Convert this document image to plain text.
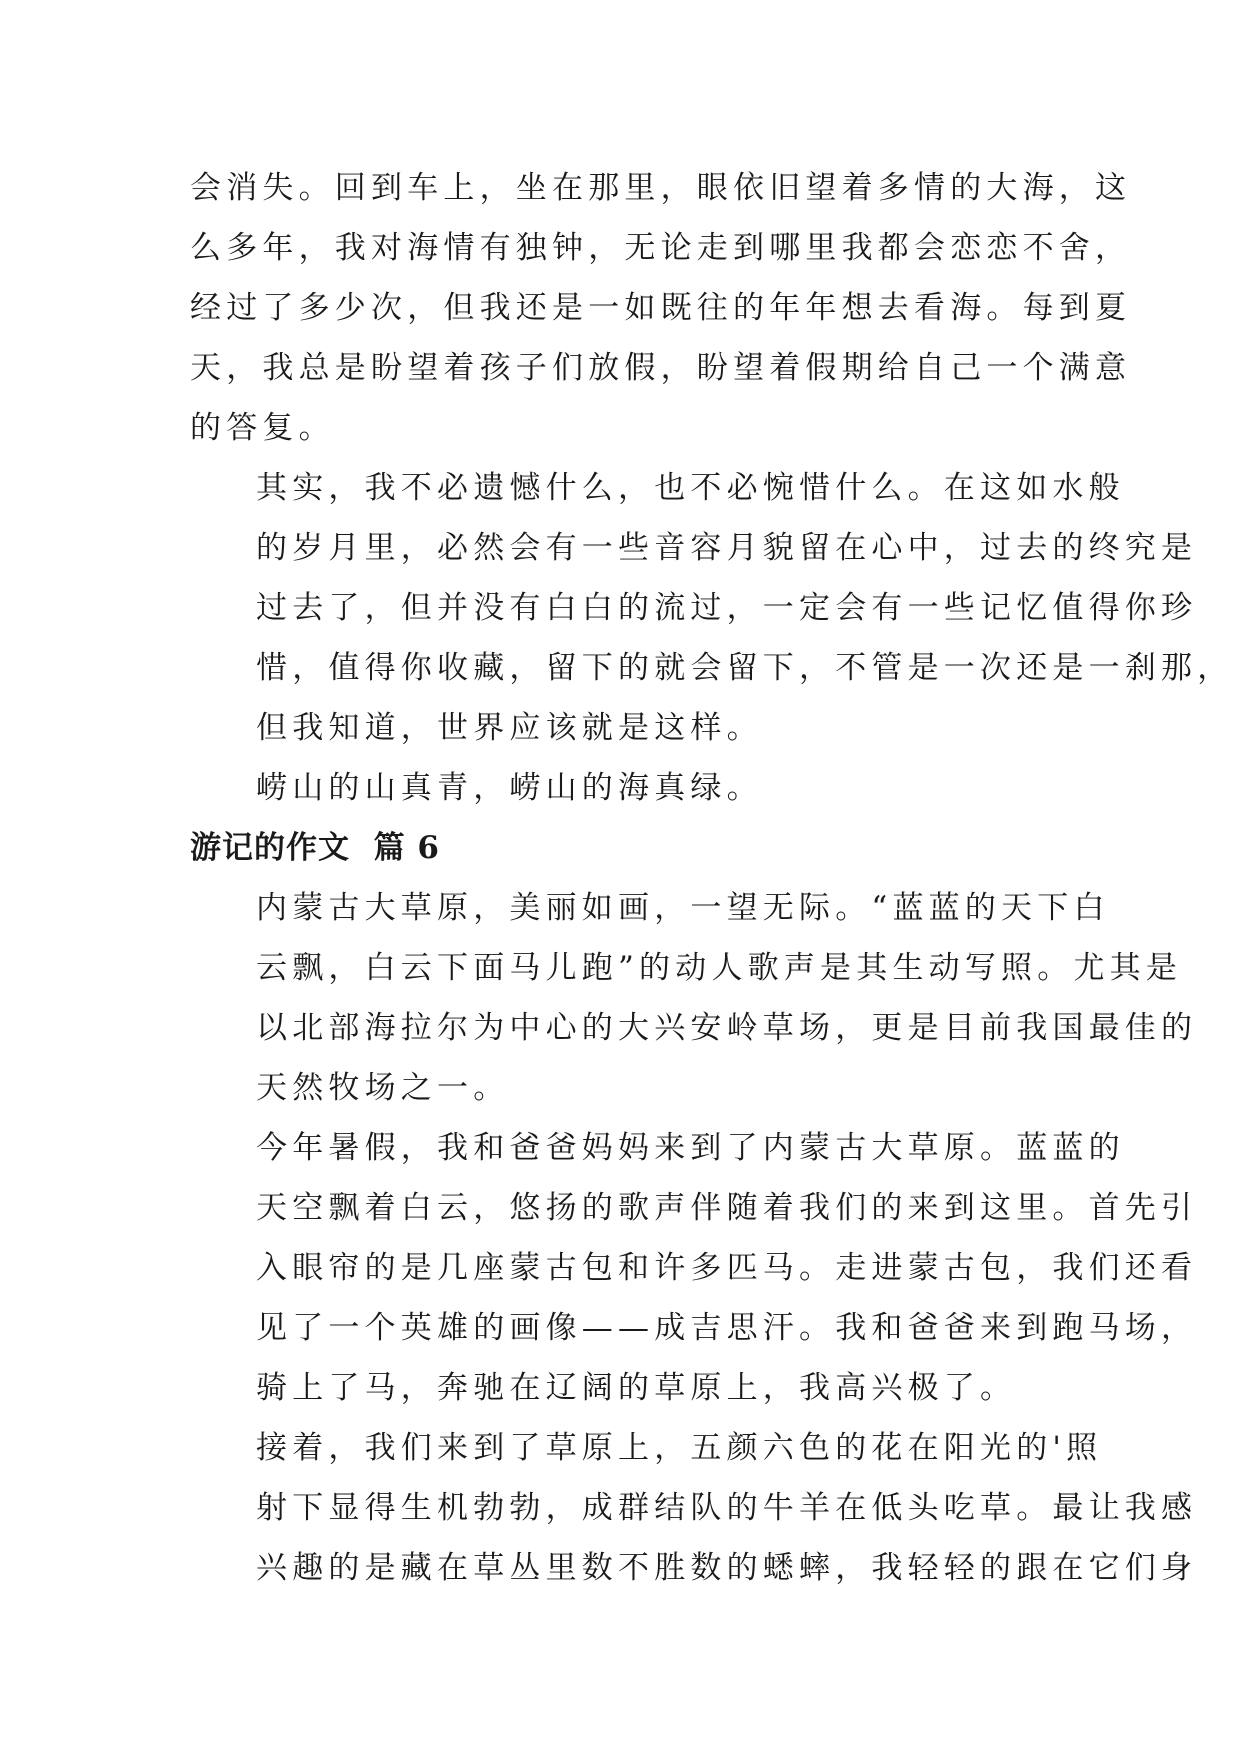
会消失。回到车上，坐在那里，眼依旧望着多情的大海，这
么多年，我对海情有独钟，无论走到哪里我都会恋恋不舍，
经过了多少次，但我还是一如既往的年年想去看海。每到夏
天，我总是盼望着孩子们放假，盼望着假期给自己一个满意
的答复。

其实，我不必遗憾什么，也不必惋惜什么。在这如水般
的岁月里，必然会有一些音容月貌留在心中，过去的终究是
过去了，但并没有白白的流过，一定会有一些记忆值得你珍
惜，值得你收藏，留下的就会留下，不管是一次还是一刹那，
但我知道，世界应该就是这样。

崂山的山真青，崂山的海真绿。

游记的作文  篇 6

内蒙古大草原，美丽如画，一望无际。“蓝蓝的天下白
云飘，白云下面马儿跑”的动人歌声是其生动写照。尤其是
以北部海拉尔为中心的大兴安岭草场，更是目前我国最佳的
天然牧场之一。

今年暑假，我和爸爸妈妈来到了内蒙古大草原。蓝蓝的
天空飘着白云，悠扬的歌声伴随着我们的来到这里。首先引
入眼帘的是几座蒙古包和许多匹马。走进蒙古包，我们还看
见了一个英雄的画像——成吉思汗。我和爸爸来到跑马场，
骑上了马，奔驰在辽阔的草原上，我高兴极了。

接着，我们来到了草原上，五颜六色的花在阳光的'照
射下显得生机勃勃，成群结队的牛羊在低头吃草。最让我感
兴趣的是藏在草丛里数不胜数的蟋蟀，我轻轻的跟在它们身
